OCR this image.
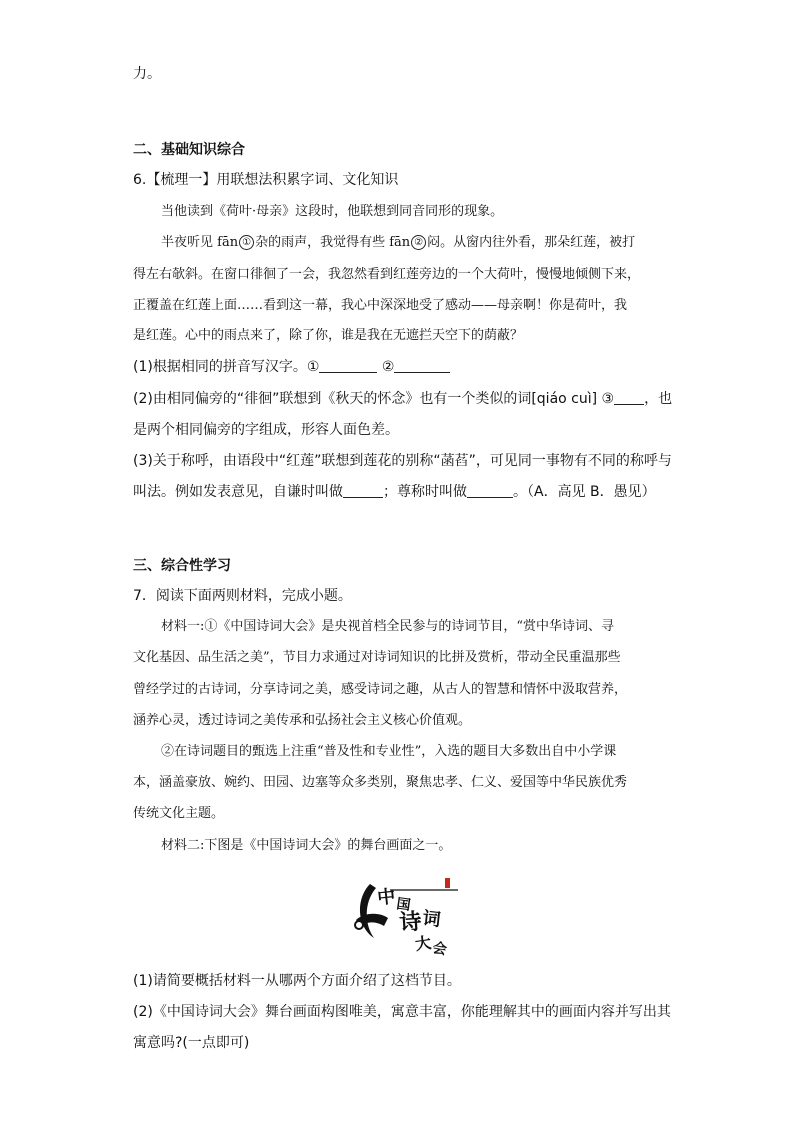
力。
二、基础知识综合
6.【梳理一】用联想法积累字词、文化知识
当他读到《荷叶·母亲》这段时，他联想到同音同形的现象。
半夜听见 fān ① 杂的雨声，我觉得有些 fān ② 闷。从窗内往外看，那朵红莲，被打
得左右欹斜。在窗口徘徊了一会，我忽然看到红莲旁边的一个大荷叶，慢慢地倾侧下来，
正覆盖在红莲上面……看到这一幕，我心中深深地受了感动——母亲啊！你是荷叶，我
是红莲。心中的雨点来了，除了你，谁是我在无遮拦天空下的荫蔽？
(1)根据相同的拼音写汉字。①	②
(2)由相同偏旁的“徘徊”联想到《秋天的怀念》也有一个类似的词[qiáo cuì] ③ ，也
是两个相同偏旁的字组成，形容人面色差。
(3)关于称呼，由语段中“红莲”联想到莲花的别称“菡萏”，可见同一事物有不同的称呼与
叫法。例如发表意见，自谦时叫做	；尊称时叫做	。（A．高见 B．愚见）
三、综合性学习
7．阅读下面两则材料，完成小题。
材料一:①《中国诗词大会》是央视首档全民参与的诗词节目，“赏中华诗词、寻
文化基因、品生活之美”，节目力求通过对诗词知识的比拼及赏析，带动全民重温那些
曾经学过的古诗词，分享诗词之美，感受诗词之趣，从古人的智慧和情怀中汲取营养，
涵养心灵，透过诗词之美传承和弘扬社会主义核心价值观。
②在诗词题目的甄选上注重“普及性和专业性”，入选的题目大多数出自中小学课
本，涵盖豪放、婉约、田园、边塞等众多类别，聚焦忠孝、仁义、爱国等中华民族优秀
传统文化主题。
材料二:下图是《中国诗词大会》的舞台画面之一。
中 国
诗 词
大
会
(1)请简要概括材料一从哪两个方面介绍了这档节目。
(2)《中国诗词大会》舞台画面构图唯美，寓意丰富，你能理解其中的画面内容并写出其
寓意吗?(一点即可)
